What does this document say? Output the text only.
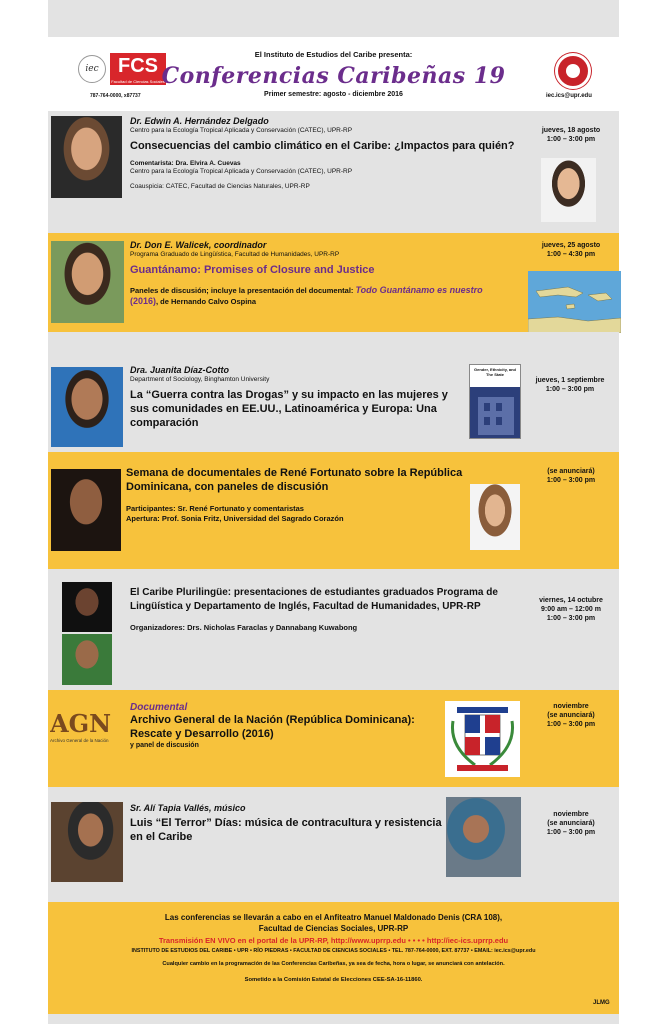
iec FCS
Facultad de Ciencias Sociales
787-764-0000, x87737
El Instituto de Estudios del Caribe presenta:
Conferencias Caribeñas 19
Primer semestre: agosto - diciembre 2016	iec.ics@upr.edu
Dr. Edwin A. Hernández Delgado
Centro para la Ecología Tropical Aplicada y Conservación (CATEC), UPR-RP
Consecuencias del cambio climático en el Caribe: ¿Impactos para quién?
Comentarista: Dra. Elvira A. Cuevas
Centro para la Ecología Tropical Aplicada y Conservación (CATEC), UPR-RP
Coauspicia: CATEC, Facultad de Ciencias Naturales, UPR-RP
jueves, 18 agosto
1:00 – 3:00 pm
Dr. Don E. Walicek, coordinador
Programa Graduado de Lingüística, Facultad de Humanidades, UPR-RP
Guantánamo: Promises of Closure and Justice
Paneles de discusión; incluye la presentación del documental: Todo Guantánamo es nuestro (2016), de Hernando Calvo Ospina
jueves, 25 agosto
1:00 – 4:30 pm
Dra. Juanita Díaz-Cotto
Department of Sociology, Binghamton University
La “Guerra contra las Drogas” y su impacto en las mujeres y sus comunidades en EE.UU., Latinoamérica y Europa: Una comparación
Gender, Ethnicity, and The State
jueves, 1 septiembre
1:00 – 3:00 pm
Semana de documentales de René Fortunato sobre la República Dominicana, con paneles de discusión
Participantes: Sr. René Fortunato y comentaristas
Apertura: Prof. Sonia Fritz, Universidad del Sagrado Corazón
(se anunciará)
1:00 – 3:00 pm
El Caribe Plurilingüe: presentaciones de estudiantes graduados Programa de Lingüística y Departamento de Inglés, Facultad de Humanidades, UPR-RP
Organizadores: Drs. Nicholas Faraclas y Dannabang Kuwabong
viernes, 14 octubre
9:00 am – 12:00 m
1:00 – 3:00 pm
AGN
Archivo General de la Nación
Documental
Archivo General de la Nación (República Dominicana): Rescate y Desarrollo (2016)
y panel de discusión
noviembre
(se anunciará)
1:00 – 3:00 pm
Sr. Alí Tapia Vallés, músico
Luis “El Terror” Días: música de contracultura y resistencia en el Caribe
noviembre
(se anunciará)
1:00 – 3:00 pm
Las conferencias se llevarán a cabo en el Anfiteatro Manuel Maldonado Denis (CRA 108),
Facultad de Ciencias Sociales, UPR-RP
Transmisión EN VIVO en el portal de la UPR-RP, http://www.uprrp.edu • • • • http://iec-ics.uprrp.edu
INSTITUTO DE ESTUDIOS DEL CARIBE • UPR • RÍO PIEDRAS • FACULTAD DE CIENCIAS SOCIALES • TEL. 787-764-0000, EXT. 87737 • EMAIL: iec.ics@upr.edu
Cualquier cambio en la programación de las Conferencias Caribeñas, ya sea de fecha, hora o lugar, se anunciará con antelación.
Sometido a la Comisión Estatal de Elecciones CEE-SA-16-11860.
JLMG
